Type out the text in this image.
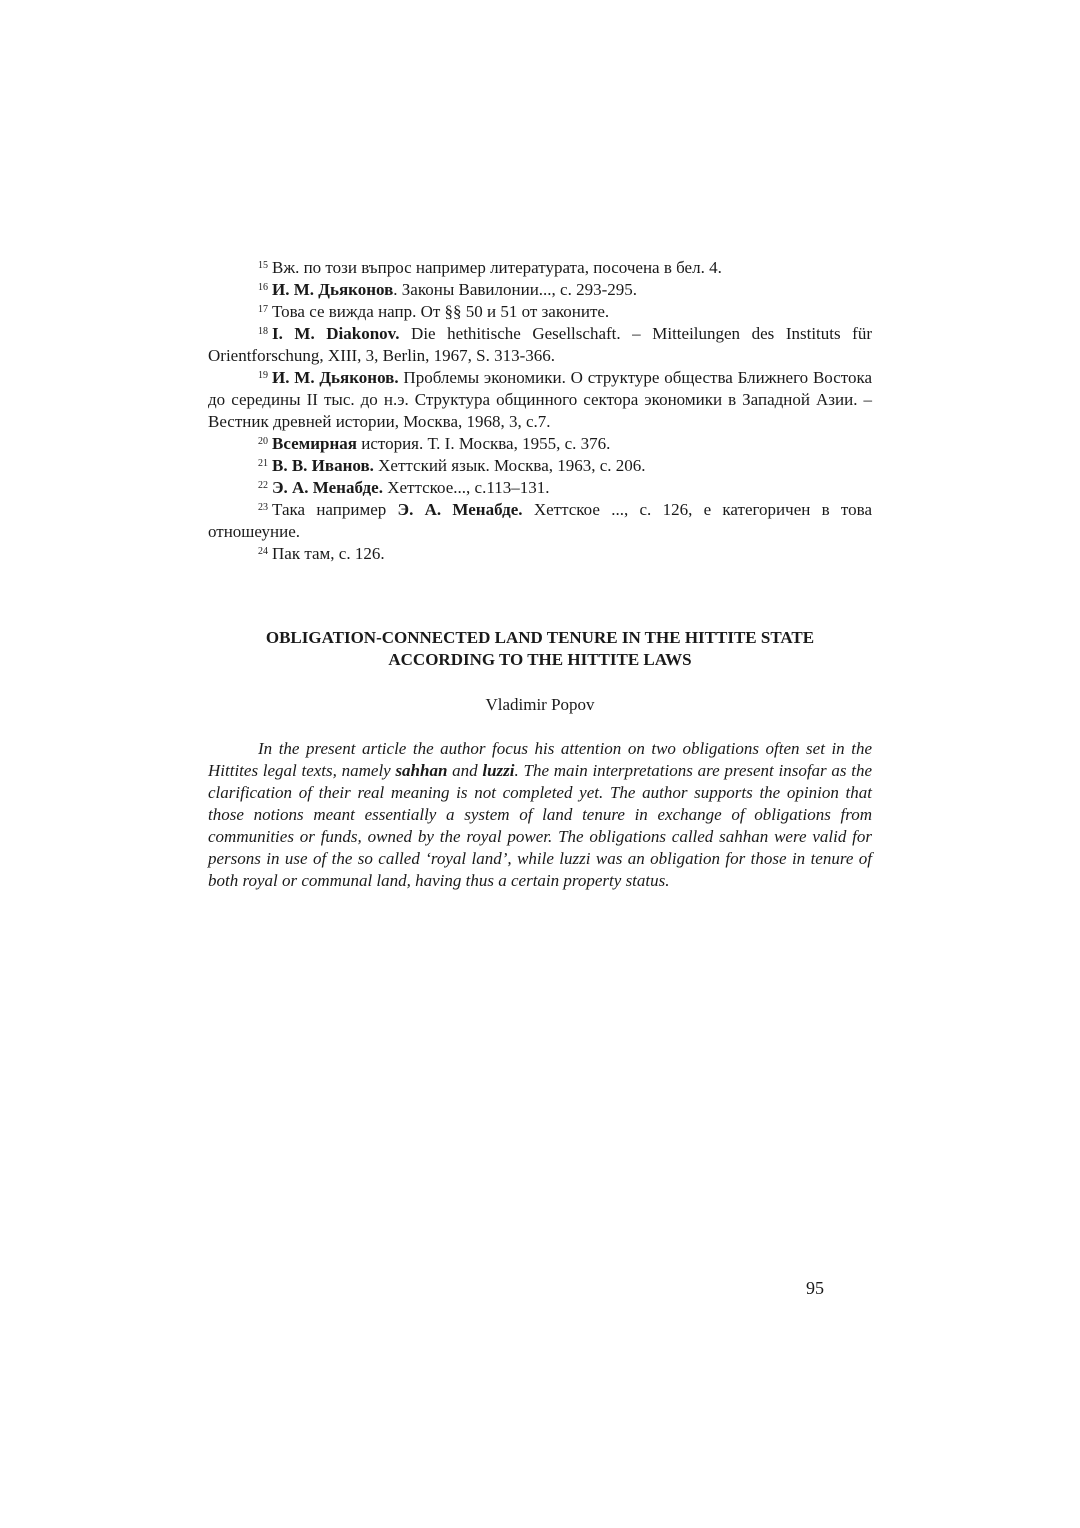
$^{15}$ Вж. по този въпрос например литературата, посочена в бел. 4.

$^{16}$ И. М. Дьяконов. Законы Вавилонии..., с. 293-295.

$^{17}$ Това се вижда напр. От §§ 50 и 51 от законите.

$^{18}$ I. M. Diakonov. Die hethitische Gesellschaft. – Mitteilungen des Instituts für Orientforschung, XIII, 3, Berlin, 1967, S. 313-366.

$^{19}$ И. М. Дьяконов. Проблемы экономики. О структуре общества Ближнего Востока до середины II тыс. до н.э. Структура общинного сектора экономики в Западной Азии. – Вестник древней истории, Москва, 1968, 3, с.7.

$^{20}$ Всемирная история. Т. I. Москва, 1955, с. 376.

$^{21}$ В. В. Иванов. Хеттский язык. Москва, 1963, с. 206.

$^{22}$ Э. А. Менабде. Хеттское..., с.113–131.

$^{23}$ Така например Э. А. Менабде. Хеттское ..., с. 126, е категоричен в това отношеуние.

$^{24}$ Пак там, с. 126.

OBLIGATION-CONNECTED LAND TENURE IN THE HITTITE STATE
ACCORDING TO THE HITTITE LAWS

Vladimir Popov

In the present article the author focus his attention on two obligations often set in the Hittites legal texts, namely sahhan and luzzi. The main interpretations are present insofar as the clarification of their real meaning is not completed yet. The author supports the opinion that those notions meant essentially a system of land tenure in exchange of obligations from communities or funds, owned by the royal power. The obligations called sahhan were valid for persons in use of the so called ‘royal land’, while luzzi was an obligation for those in tenure of both royal or communal land, having thus a certain property status.

95
